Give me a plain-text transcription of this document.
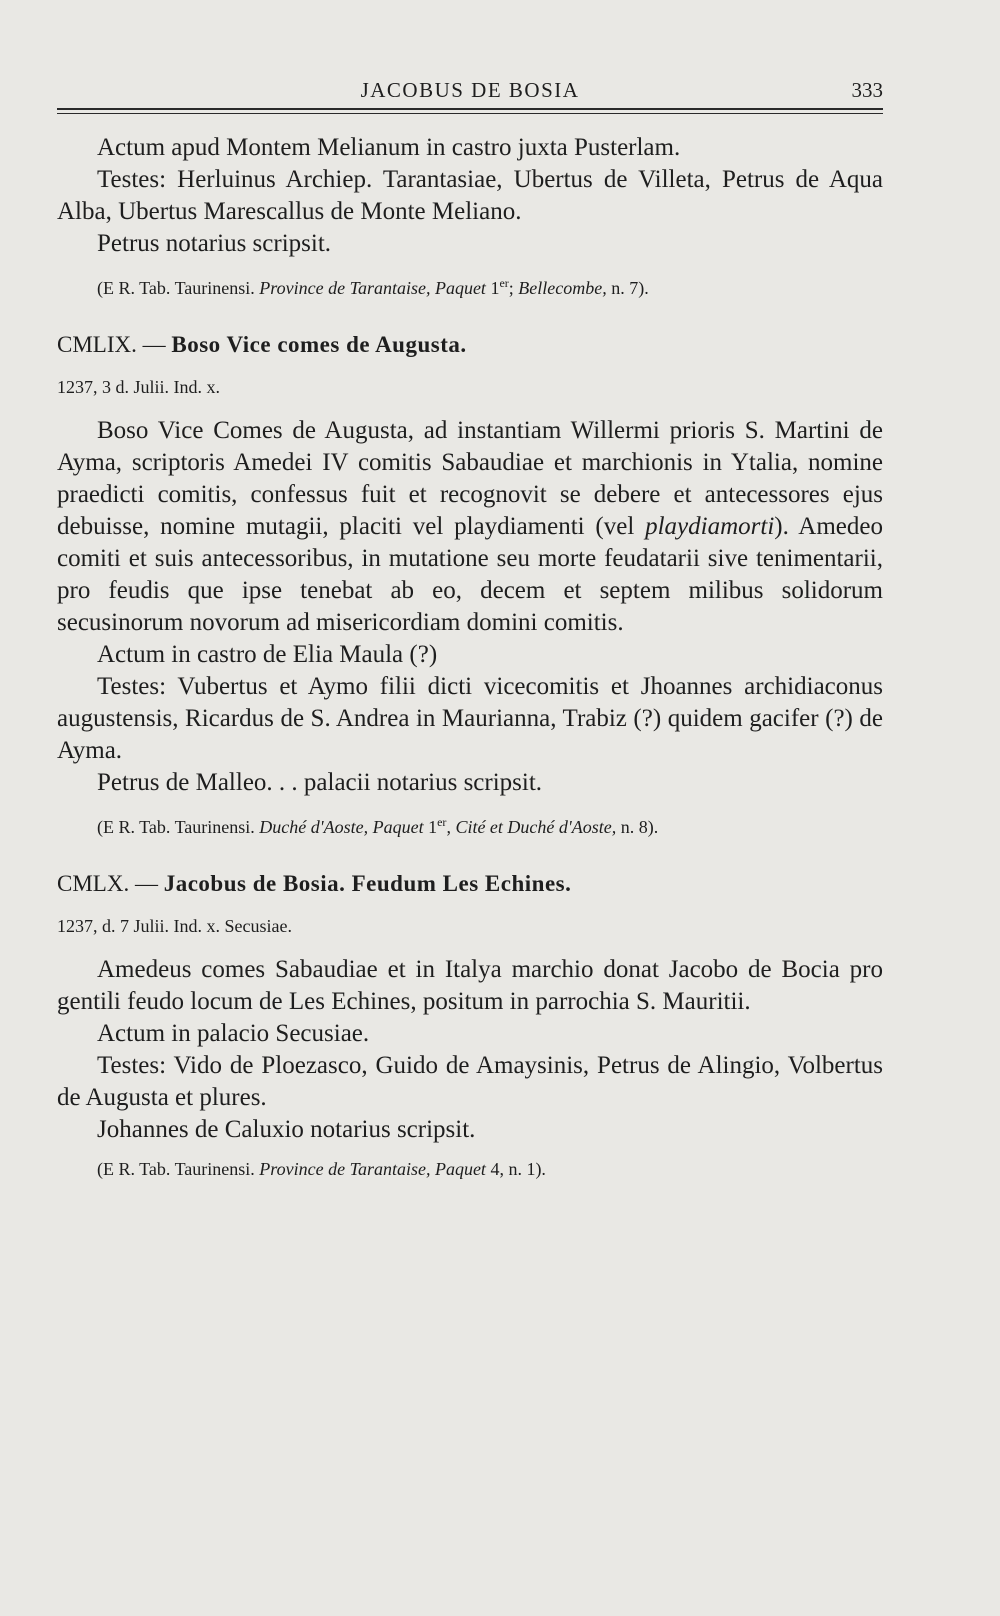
JACOBUS DE BOSIA	333

Actum apud Montem Melianum in castro juxta Pusterlam.

Testes: Herluinus Archiep. Tarantasiae, Ubertus de Villeta, Petrus de Aqua Alba, Ubertus Marescallus de Monte Meliano.

Petrus notarius scripsit.

(E R. Tab. Taurinensi. Province de Tarantaise, Paquet 1er; Bellecombe, n. 7).

CMLIX. — Boso Vice comes de Augusta.

1237, 3 d. Julii. Ind. x.

Boso Vice Comes de Augusta, ad instantiam Willermi prioris S. Martini de Ayma, scriptoris Amedei IV comitis Sabaudiae et marchionis in Ytalia, nomine praedicti comitis, confessus fuit et recognovit se debere et antecessores ejus debuisse, nomine mutagii, placiti vel playdiamenti (vel playdiamorti). Amedeo comiti et suis antecessoribus, in mutatione seu morte feudatarii sive tenimentarii, pro feudis que ipse tenebat ab eo, decem et septem milibus solidorum secusinorum novorum ad misericordiam domini comitis.

Actum in castro de Elia Maula (?)

Testes: Vubertus et Aymo filii dicti vicecomitis et Jhoannes archidiaconus augustensis, Ricardus de S. Andrea in Maurianna, Trabiz (?) quidem gacifer (?) de Ayma.

Petrus de Malleo. . . palacii notarius scripsit.

(E R. Tab. Taurinensi. Duché d'Aoste, Paquet 1er, Cité et Duché d'Aoste, n. 8).

CMLX. — Jacobus de Bosia. Feudum Les Echines.

1237, d. 7 Julii. Ind. x. Secusiae.

Amedeus comes Sabaudiae et in Italya marchio donat Jacobo de Bocia pro gentili feudo locum de Les Echines, positum in parrochia S. Mauritii.

Actum in palacio Secusiae.

Testes: Vido de Ploezasco, Guido de Amaysinis, Petrus de Alingio, Volbertus de Augusta et plures.

Johannes de Caluxio notarius scripsit.

(E R. Tab. Taurinensi. Province de Tarantaise, Paquet 4, n. 1).
